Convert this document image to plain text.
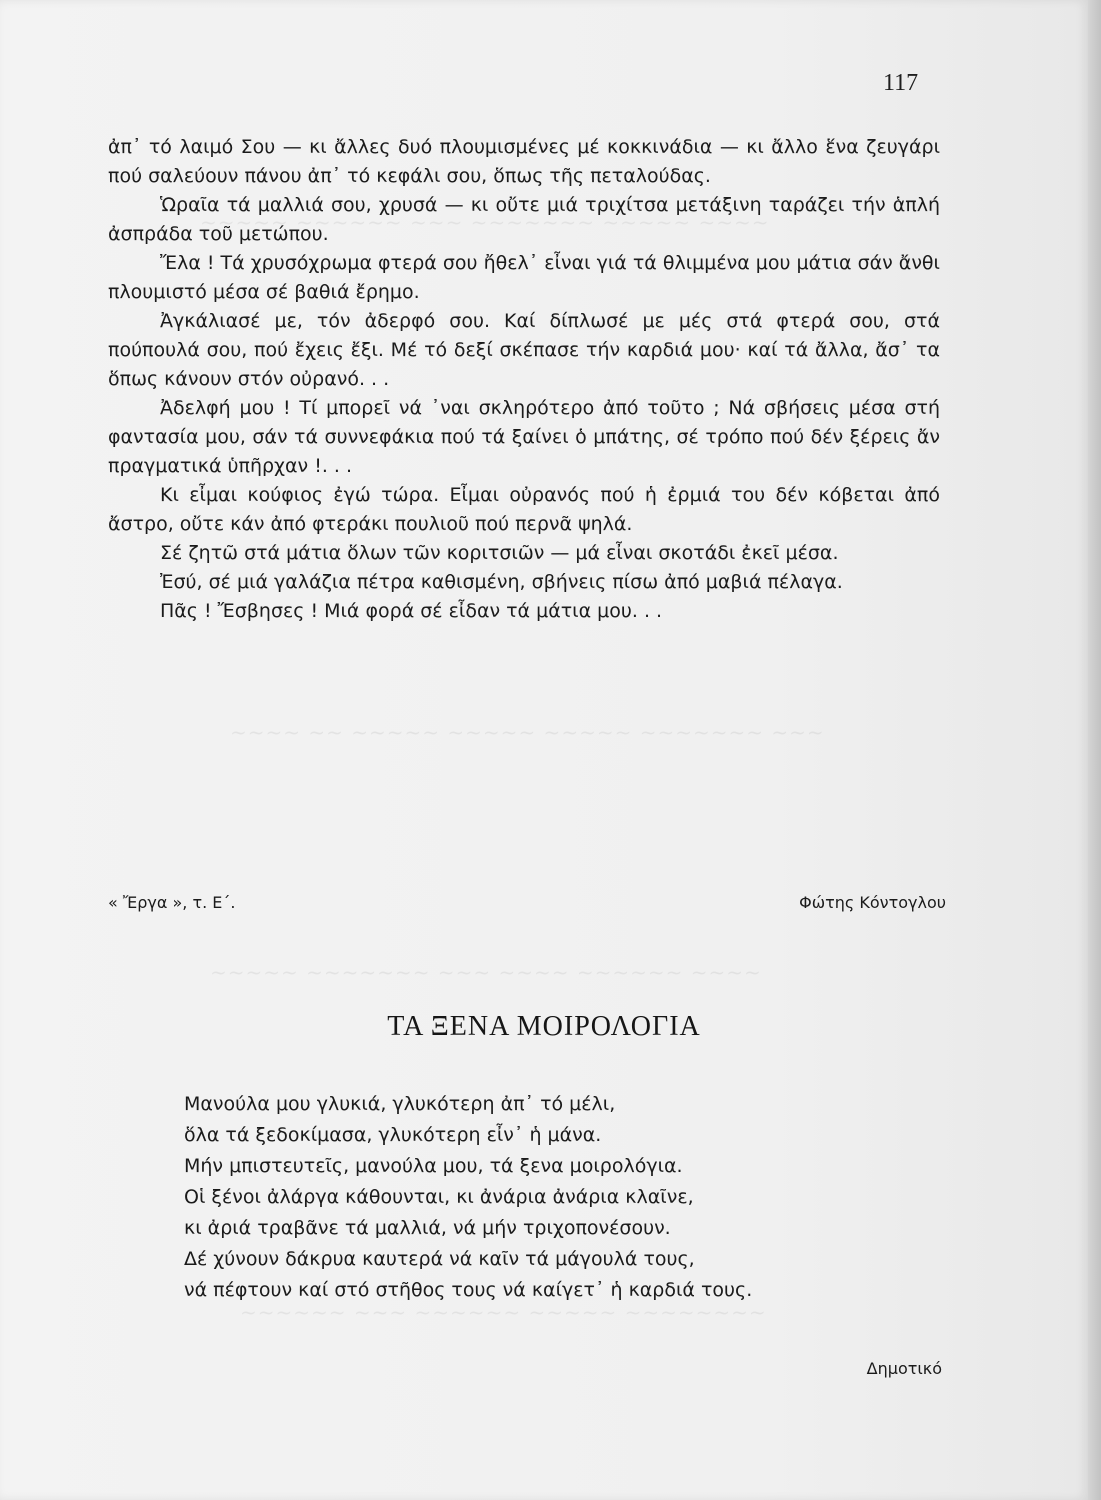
~~~~~ ~~~~~~ ~~~ ~~~~~~~ ~~~~~ ~~~~
~~~~ ~~ ~~~~~ ~~~~~ ~~~~~ ~~~~~~~ ~~~
~~~~~ ~~~~~~~ ~~~ ~~~~ ~~~~~~ ~~~~
~~~~~~ ~~~ ~~~~~~ ~~~~~ ~~~~~~~~
117

ἀπ᾽ τό λαιμό Σου — κι ἄλλες δυό πλουμισμένες μέ κοκκινάδια — κι ἄλλο ἕνα ζευγάρι πού σαλεύουν πάνου ἀπ᾽ τό κεφάλι σου, ὅπως τῆς πεταλούδας.

Ὡραῖα τά μαλλιά σου, χρυσά — κι οὔτε μιά τριχίτσα μετάξινη ταράζει τήν ἁπλή ἀσπράδα τοῦ μετώπου.

Ἔλα ! Τά χρυσόχρωμα φτερά σου ἤθελ᾽ εἶναι γιά τά θλιμμένα μου μάτια σάν ἄνθι πλουμιστό μέσα σέ βαθιά ἔρημο.

Ἀγκάλιασέ με, τόν ἀδερφό σου. Καί δίπλωσέ με μές στά φτερά σου, στά πούπουλά σου, πού ἔχεις ἔξι. Μέ τό δεξί σκέπασε τήν καρδιά μου· καί τά ἄλλα, ἄσ᾽ τα ὅπως κάνουν στόν οὐρανό. . .

Ἀδελφή μου ! Τί μπορεῖ νά ᾽ναι σκληρότερο ἀπό τοῦτο ; Νά σβήσεις μέσα στή φαντασία μου, σάν τά συννεφάκια πού τά ξαίνει ὁ μπάτης, σέ τρόπο πού δέν ξέρεις ἄν πραγματικά ὑπῆρχαν !. . .

Κι εἶμαι κούφιος ἐγώ τώρα. Εἶμαι οὐρανός πού ἡ ἐρμιά του δέν κόβεται ἀπό ἄστρο, οὔτε κάν ἀπό φτεράκι πουλιοῦ πού περνᾶ ψηλά.

Σέ ζητῶ στά μάτια ὅλων τῶν κοριτσιῶν — μά εἶναι σκοτάδι ἐκεῖ μέσα.

Ἐσύ, σέ μιά γαλάζια πέτρα καθισμένη, σβήνεις πίσω ἀπό μαβιά πέλαγα.

Πᾶς ! Ἔσβησες ! Μιά φορά σέ εἶδαν τά μάτια μου. . .

« Ἔργα », τ. Ε΄.	Φώτης Κόντογλου
ΤΑ ΞΕΝΑ ΜΟΙΡΟΛΟΓΙΑ
Μανούλα μου γλυκιά, γλυκότερη ἀπ᾽ τό μέλι,
ὅλα τά ξεδοκίμασα, γλυκότερη εἶν᾽ ἡ μάνα.
Μήν μπιστευτεῖς, μανούλα μου, τά ξενα μοιρολόγια.
Οἱ ξένοι ἀλάργα κάθουνται, κι ἀνάρια ἀνάρια κλαῖνε,
κι ἀριά τραβᾶνε τά μαλλιά, νά μήν τριχοπονέσουν.
Δέ χύνουν δάκρυα καυτερά νά καῖν τά μάγουλά τους,
νά πέφτουν καί στό στῆθος τους νά καίγετ᾽ ἡ καρδιά τους.
Δημοτικό
